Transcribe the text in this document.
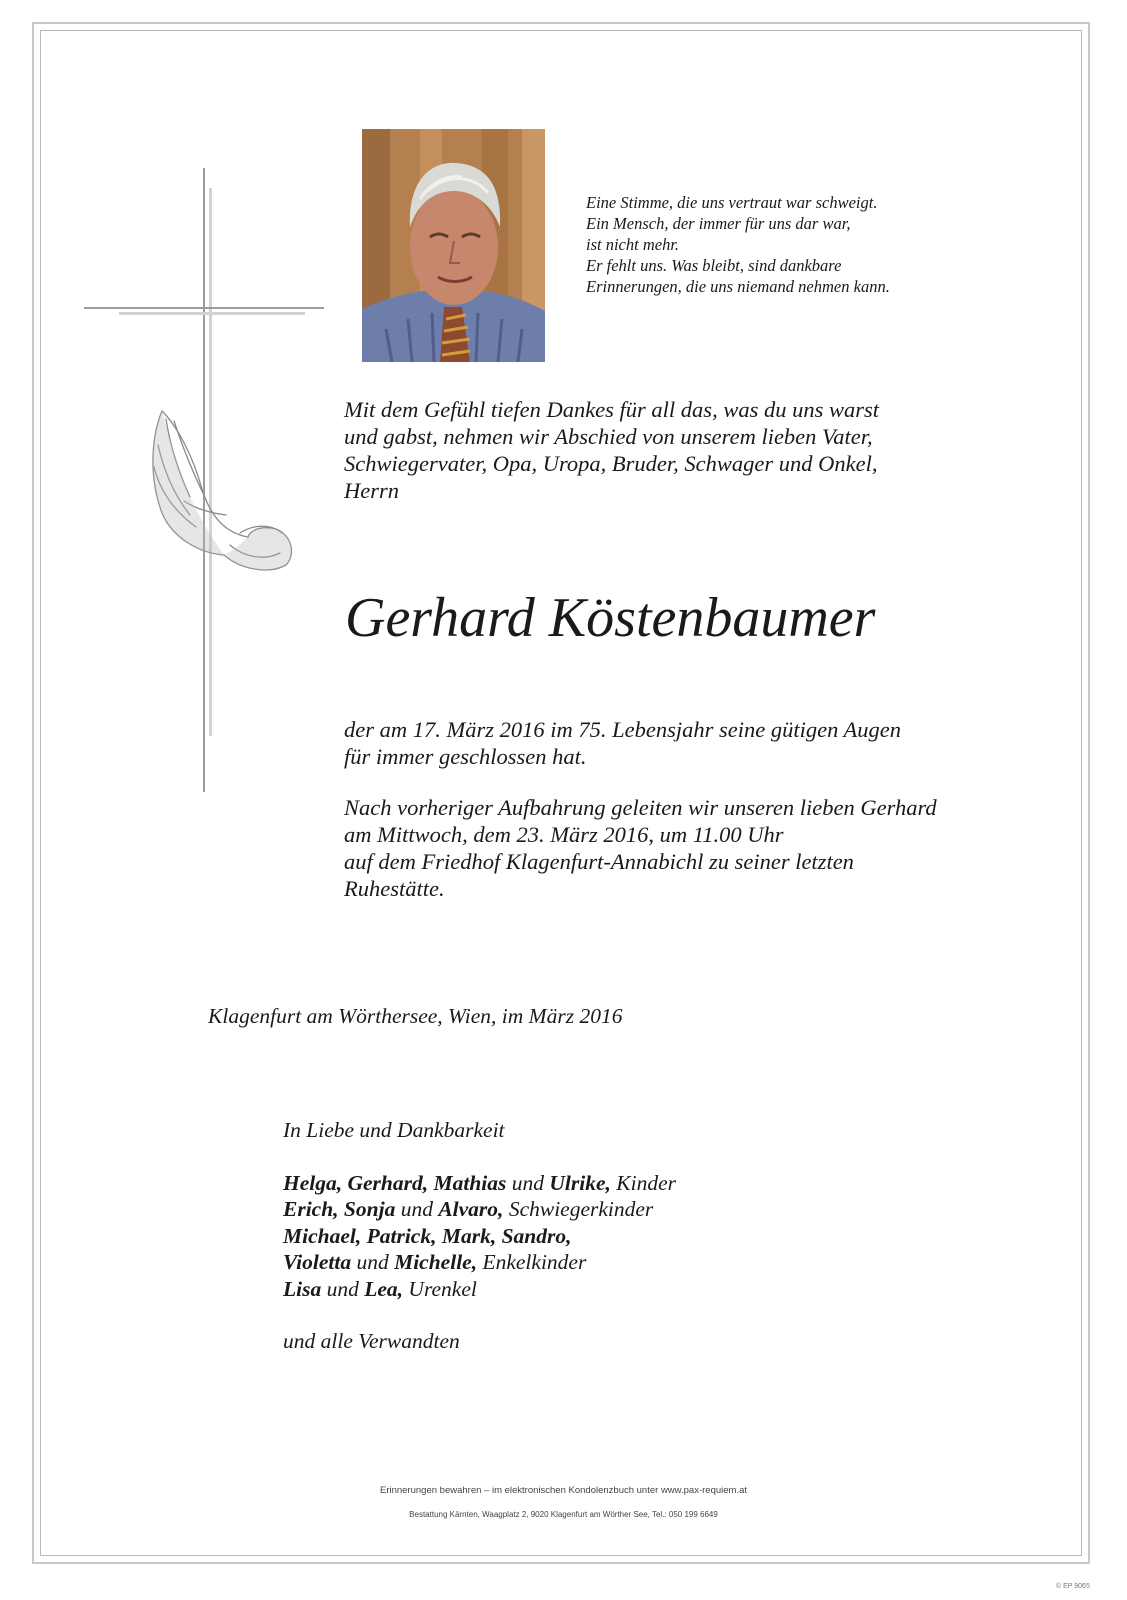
Eine Stimme, die uns vertraut war schweigt.
Ein Mensch, der immer für uns dar war,
ist nicht mehr.
Er fehlt uns. Was bleibt, sind dankbare
Erinnerungen, die uns niemand nehmen kann.
Mit dem Gefühl tiefen Dankes für all das, was du uns warst
und gabst, nehmen wir Abschied von unserem lieben Vater,
Schwiegervater, Opa, Uropa, Bruder, Schwager und Onkel,
Herrn
Gerhard Köstenbaumer
der am 17. März 2016 im 75. Lebensjahr seine gütigen Augen
für immer geschlossen hat.
Nach vorheriger Aufbahrung geleiten wir unseren lieben Gerhard
am Mittwoch, dem 23. März 2016, um 11.00 Uhr
auf dem Friedhof Klagenfurt-Annabichl zu seiner letzten
Ruhestätte.
Klagenfurt am Wörthersee, Wien, im März 2016
In Liebe und Dankbarkeit
Helga, Gerhard, Mathias und Ulrike, Kinder
Erich, Sonja und Alvaro, Schwiegerkinder
Michael, Patrick, Mark, Sandro,
Violetta und Michelle, Enkelkinder
Lisa und Lea, Urenkel
und alle Verwandten
Erinnerungen bewahren – im elektronischen Kondolenzbuch unter www.pax-requiem.at
Bestattung Kärnten, Waagplatz 2, 9020 Klagenfurt am Wörther See, Tel.: 050 199 6649
© EP 9065
